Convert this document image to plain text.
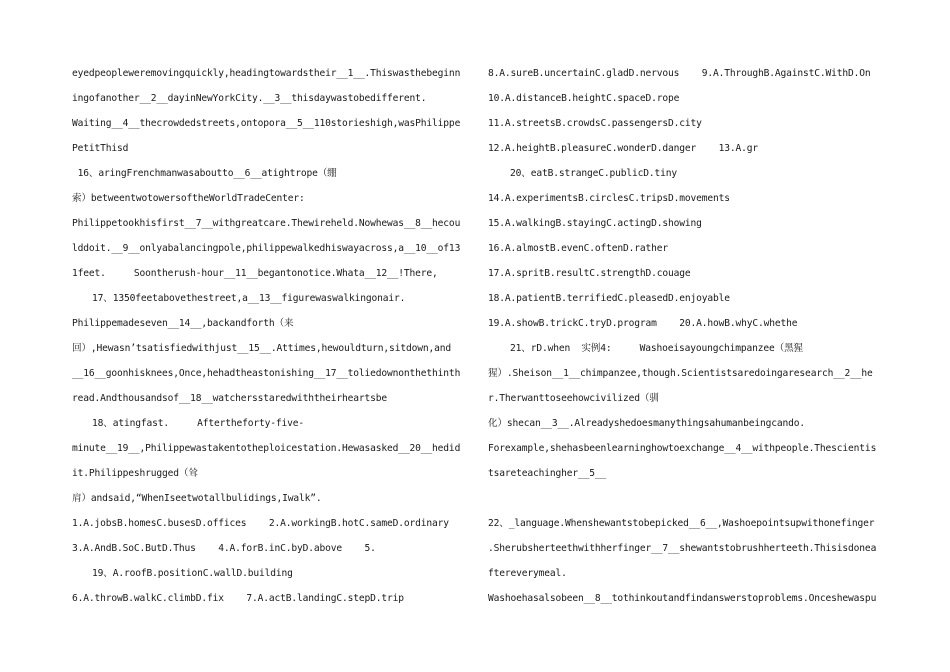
eyedpeopleweremovingquickly,headingtowardstheir__1__.Thiswasthebeginn
ingofanother__2__dayinNewYorkCity.__3__thisdaywastobedifferent.
Waiting__4__thecrowdedstreets,ontopora__5__110storieshigh,wasPhilippe
PetitThisd
16、aringFrenchmanwasaboutto__6__atightrope（绷
索）betweentwotowersoftheWorldTradeCenter:
Philippetookhisfirst__7__withgreatcare.Thewireheld.Nowhewas__8__hecou
lddoit.__9__onlyabalancingpole,philippewalkedhiswayacross,a__10__of13
1feet.     Soontherush-hour__11__begantonotice.Whata__12__!There,
17、1350feetabovethestreet,a__13__figurewaswalkingonair.
Philippemadeseven__14__,backandforth（来
回）,Hewasn’tsatisfiedwithjust__15__.Attimes,hewouldturn,sitdown,and
__16__goonhisknees,Once,hehadtheastonishing__17__toliedownonthethinth
read.Andthousandsof__18__watchersstaredwiththeirheartsbe
18、atingfast.     Aftertheforty-five-
minute__19__,Philippewastakentotheploicestation.Hewasasked__20__hedid
it.Philippeshrugged（耸
肩）andsaid,“WhenIseetwotallbulidings,Iwalk”.
1.A.jobsB.homesC.busesD.offices    2.A.workingB.hotC.sameD.ordinary
3.A.AndB.SoC.ButD.Thus    4.A.forB.inC.byD.above    5.
19、A.roofB.positionC.wallD.building
6.A.throwB.walkC.climbD.fix    7.A.actB.landingC.stepD.trip
8.A.sureB.uncertainC.gladD.nervous    9.A.ThroughB.AgainstC.WithD.On
10.A.distanceB.heightC.spaceD.rope
11.A.streetsB.crowdsC.passengersD.city
12.A.heightB.pleasureC.wonderD.danger    13.A.gr
20、eatB.strangeC.publicD.tiny
14.A.experimentsB.circlesC.tripsD.movements
15.A.walkingB.stayingC.actingD.showing
16.A.almostB.evenC.oftenD.rather
17.A.spritB.resultC.strengthD.couage
18.A.patientB.terrifiedC.pleasedD.enjoyable
19.A.showB.trickC.tryD.program    20.A.howB.whyC.whethe
21、rD.when  实例4:     Washoeisayoungchimpanzee（黑猩
猩）.Sheison__1__chimpanzee,though.Scientistsaredoingaresearch__2__he
r.Therwanttoseehowcivilized（驯
化）shecan__3__.Alreadyshedoesmanythingsahumanbeingcando.
Forexample,shehasbeenlearninghowtoexchange__4__withpeople.Thescientis
tsareteachingher__5__
22、_language.Whenshewantstobepicked__6__,Washoepointsupwithonefinger
.Sherubsherteethwithherfinger__7__shewantstobrushherteeth.Thisisdonea
ftereverymeal.
Washoehasalsobeen__8__tothinkoutandfindanswerstoproblems.Onceshewaspu
